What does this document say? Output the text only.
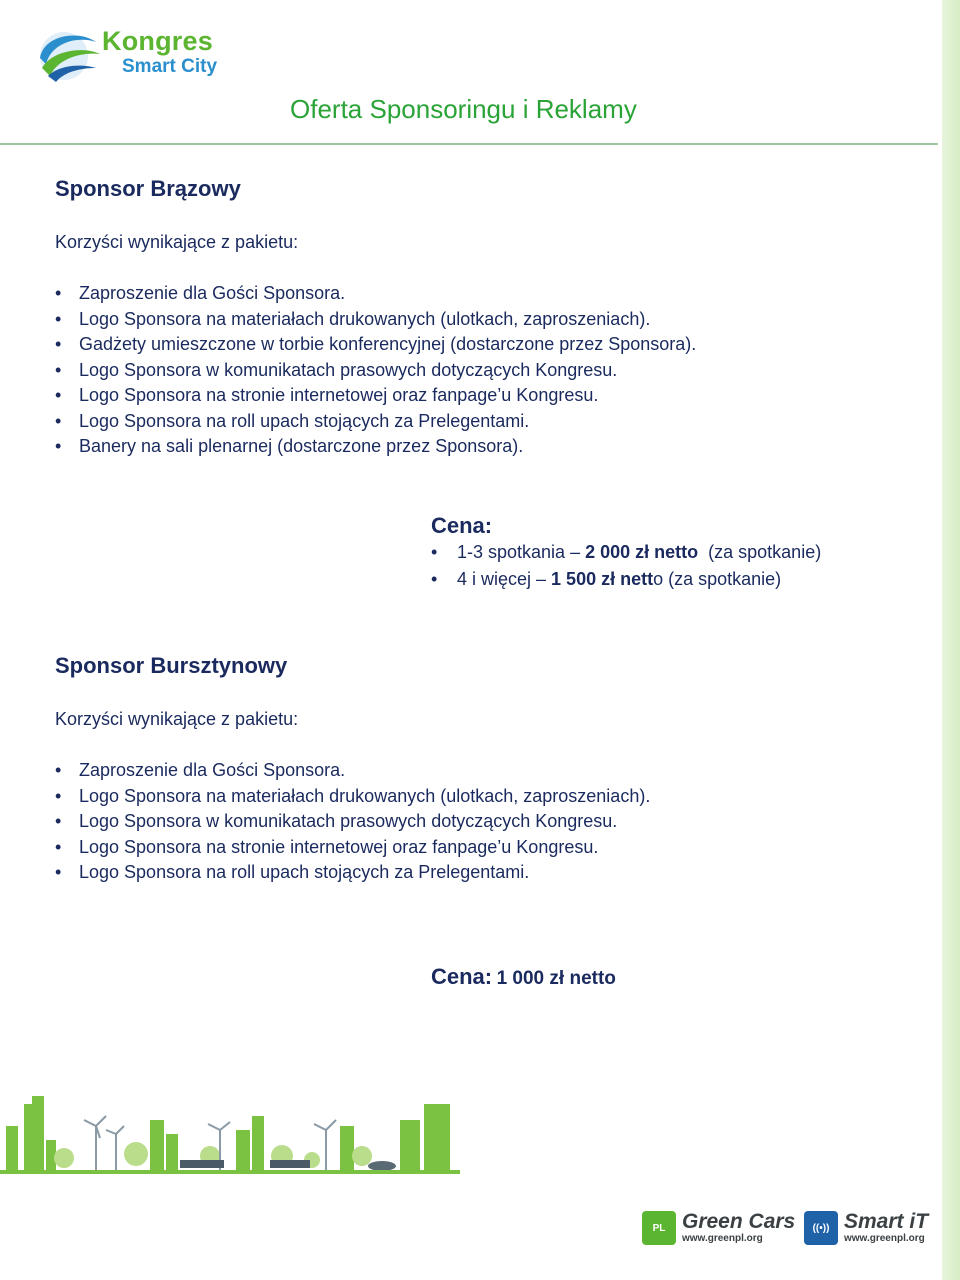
Kongres
Smart City
Oferta Sponsoringu i Reklamy
Sponsor Brązowy
Korzyści wynikające z pakietu:
• Zaproszenie dla Gości Sponsora.
• Logo Sponsora na materiałach drukowanych (ulotkach, zaproszeniach).
• Gadżety umieszczone w torbie konferencyjnej (dostarczone przez Sponsora).
• Logo Sponsora w komunikatach prasowych dotyczących Kongresu.
• Logo Sponsora na stronie internetowej oraz fanpage’u Kongresu.
• Logo Sponsora na roll upach stojących za Prelegentami.
• Banery na sali plenarnej (dostarczone przez Sponsora).
Cena:
• 1-3 spotkania – 2 000 zł netto  (za spotkanie)
• 4 i więcej – 1 500 zł netto (za spotkanie)
Sponsor Bursztynowy
Korzyści wynikające z pakietu:
• Zaproszenie dla Gości Sponsora.
• Logo Sponsora na materiałach drukowanych (ulotkach, zaproszeniach).
• Logo Sponsora w komunikatach prasowych dotyczących Kongresu.
• Logo Sponsora na stronie internetowej oraz fanpage’u Kongresu.
• Logo Sponsora na roll upach stojących za Prelegentami.
Cena: 1 000 zł netto
PL Green Cars
www.greenpl.org
((•)) Smart iT
www.greenpl.org
